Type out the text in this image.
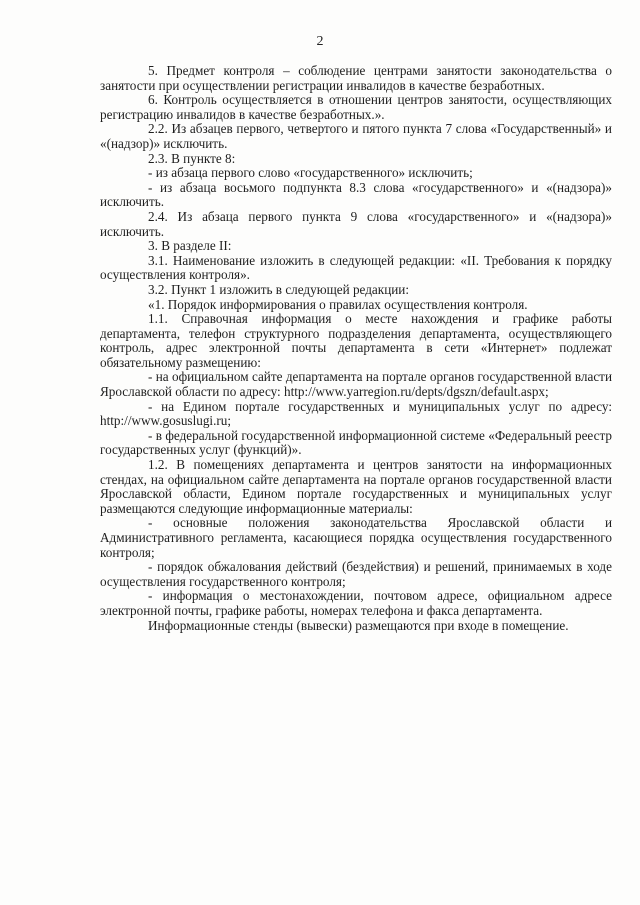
2

5. Предмет контроля – соблюдение центрами занятости законодательства о занятости при осуществлении регистрации инвалидов в качестве безработных.

6. Контроль осуществляется в отношении центров занятости, осуществляющих регистрацию инвалидов в качестве безработных.».

2.2. Из абзацев первого, четвертого и пятого пункта 7 слова «Государственный» и «(надзор)» исключить.

2.3. В пункте 8:

- из абзаца первого слово «государственного» исключить;

- из абзаца восьмого подпункта 8.3 слова «государственного» и «(надзора)» исключить.

2.4. Из абзаца первого пункта 9 слова «государственного» и «(надзора)» исключить.

3. В разделе II:

3.1. Наименование изложить в следующей редакции: «II. Требования к порядку осуществления контроля».

3.2. Пункт 1 изложить в следующей редакции:

«1. Порядок информирования о правилах осуществления контроля.

1.1. Справочная информация о месте нахождения и графике работы департамента, телефон структурного подразделения департамента, осуществляющего контроль, адрес электронной почты департамента в сети «Интернет» подлежат обязательному размещению:

- на официальном сайте департамента на портале органов государственной власти Ярославской области по адресу: http://www.yarregion.ru/depts/dgszn/default.aspx;

- на Едином портале государственных и муниципальных услуг по адресу: http://www.gosuslugi.ru;

- в федеральной государственной информационной системе «Федеральный реестр государственных услуг (функций)».

1.2. В помещениях департамента и центров занятости на информационных стендах, на официальном сайте департамента на портале органов государственной власти Ярославской области, Едином портале государственных и муниципальных услуг размещаются следующие информационные материалы:

- основные положения законодательства Ярославской области и Административного регламента, касающиеся порядка осуществления государственного контроля;

- порядок обжалования действий (бездействия) и решений, принимаемых в ходе осуществления государственного контроля;

- информация о местонахождении, почтовом адресе, официальном адресе электронной почты, графике работы, номерах телефона и факса департамента.

Информационные стенды (вывески) размещаются при входе в помещение.
